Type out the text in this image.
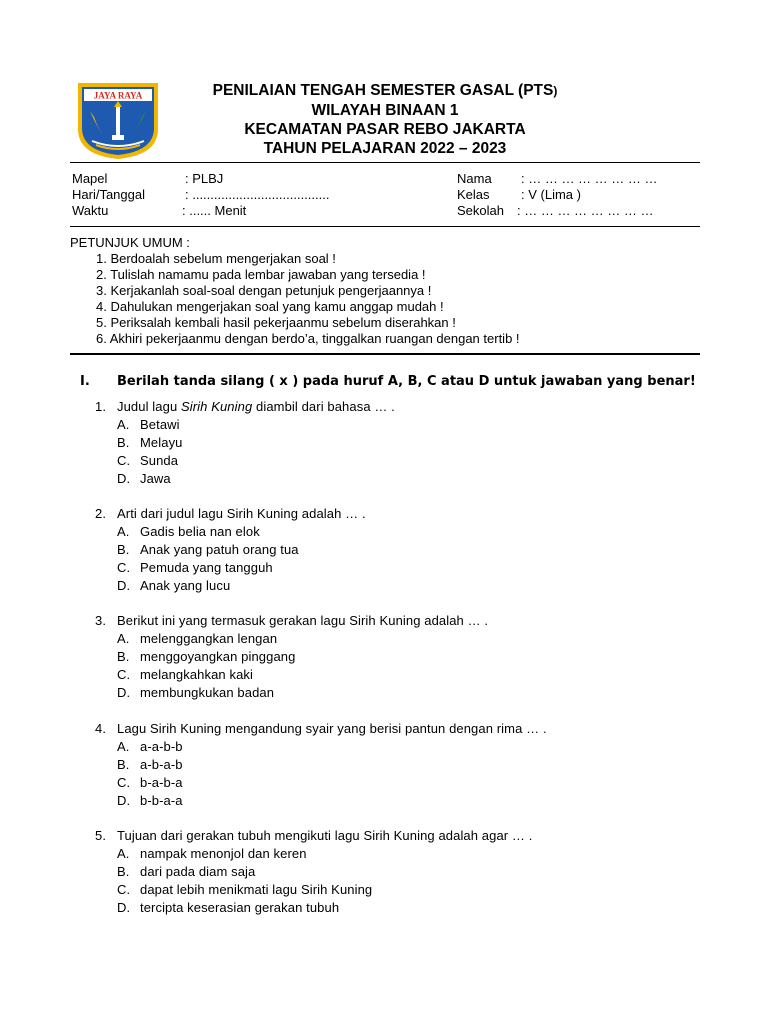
JAYA RAYA	PENILAIAN TENGAH SEMESTER GASAL (PTS)
WILAYAH BINAAN 1
KECAMATAN PASAR REBO JAKARTA
TAHUN PELAJARAN 2022 – 2023
Mapel	: PLBJ
Hari/Tanggal	: ......................................
Waktu	: ...... Menit
Nama : … … … … … … … …
Kelas : V (Lima )
Sekolah : … … … … … … … …
PETUNJUK UMUM :
1. Berdoalah sebelum mengerjakan soal !
2. Tulislah namamu pada lembar jawaban yang tersedia !
3. Kerjakanlah soal-soal dengan petunjuk pengerjaannya !
4. Dahulukan mengerjakan soal yang kamu anggap mudah !
5. Periksalah kembali hasil pekerjaanmu sebelum diserahkan !
6. Akhiri pekerjaanmu dengan berdo’a, tinggalkan ruangan dengan tertib !
I. Berilah tanda silang ( x ) pada huruf A, B, C atau D untuk jawaban yang benar!
1. Judul lagu Sirih Kuning diambil dari bahasa … .
A. Betawi
B. Melayu
C. Sunda
D. Jawa
2. Arti dari judul lagu Sirih Kuning adalah … .
A. Gadis belia nan elok
B. Anak yang patuh orang tua
C. Pemuda yang tangguh
D. Anak yang lucu
3. Berikut ini yang termasuk gerakan lagu Sirih Kuning adalah … .
A. melenggangkan lengan
B. menggoyangkan pinggang
C. melangkahkan kaki
D. membungkukan badan
4. Lagu Sirih Kuning mengandung syair yang berisi pantun dengan rima … .
A. a-a-b-b
B. a-b-a-b
C. b-a-b-a
D. b-b-a-a
5. Tujuan dari gerakan tubuh mengikuti lagu Sirih Kuning adalah agar … .
A. nampak menonjol dan keren
B. dari pada diam saja
C. dapat lebih menikmati lagu Sirih Kuning
D. tercipta keserasian gerakan tubuh
